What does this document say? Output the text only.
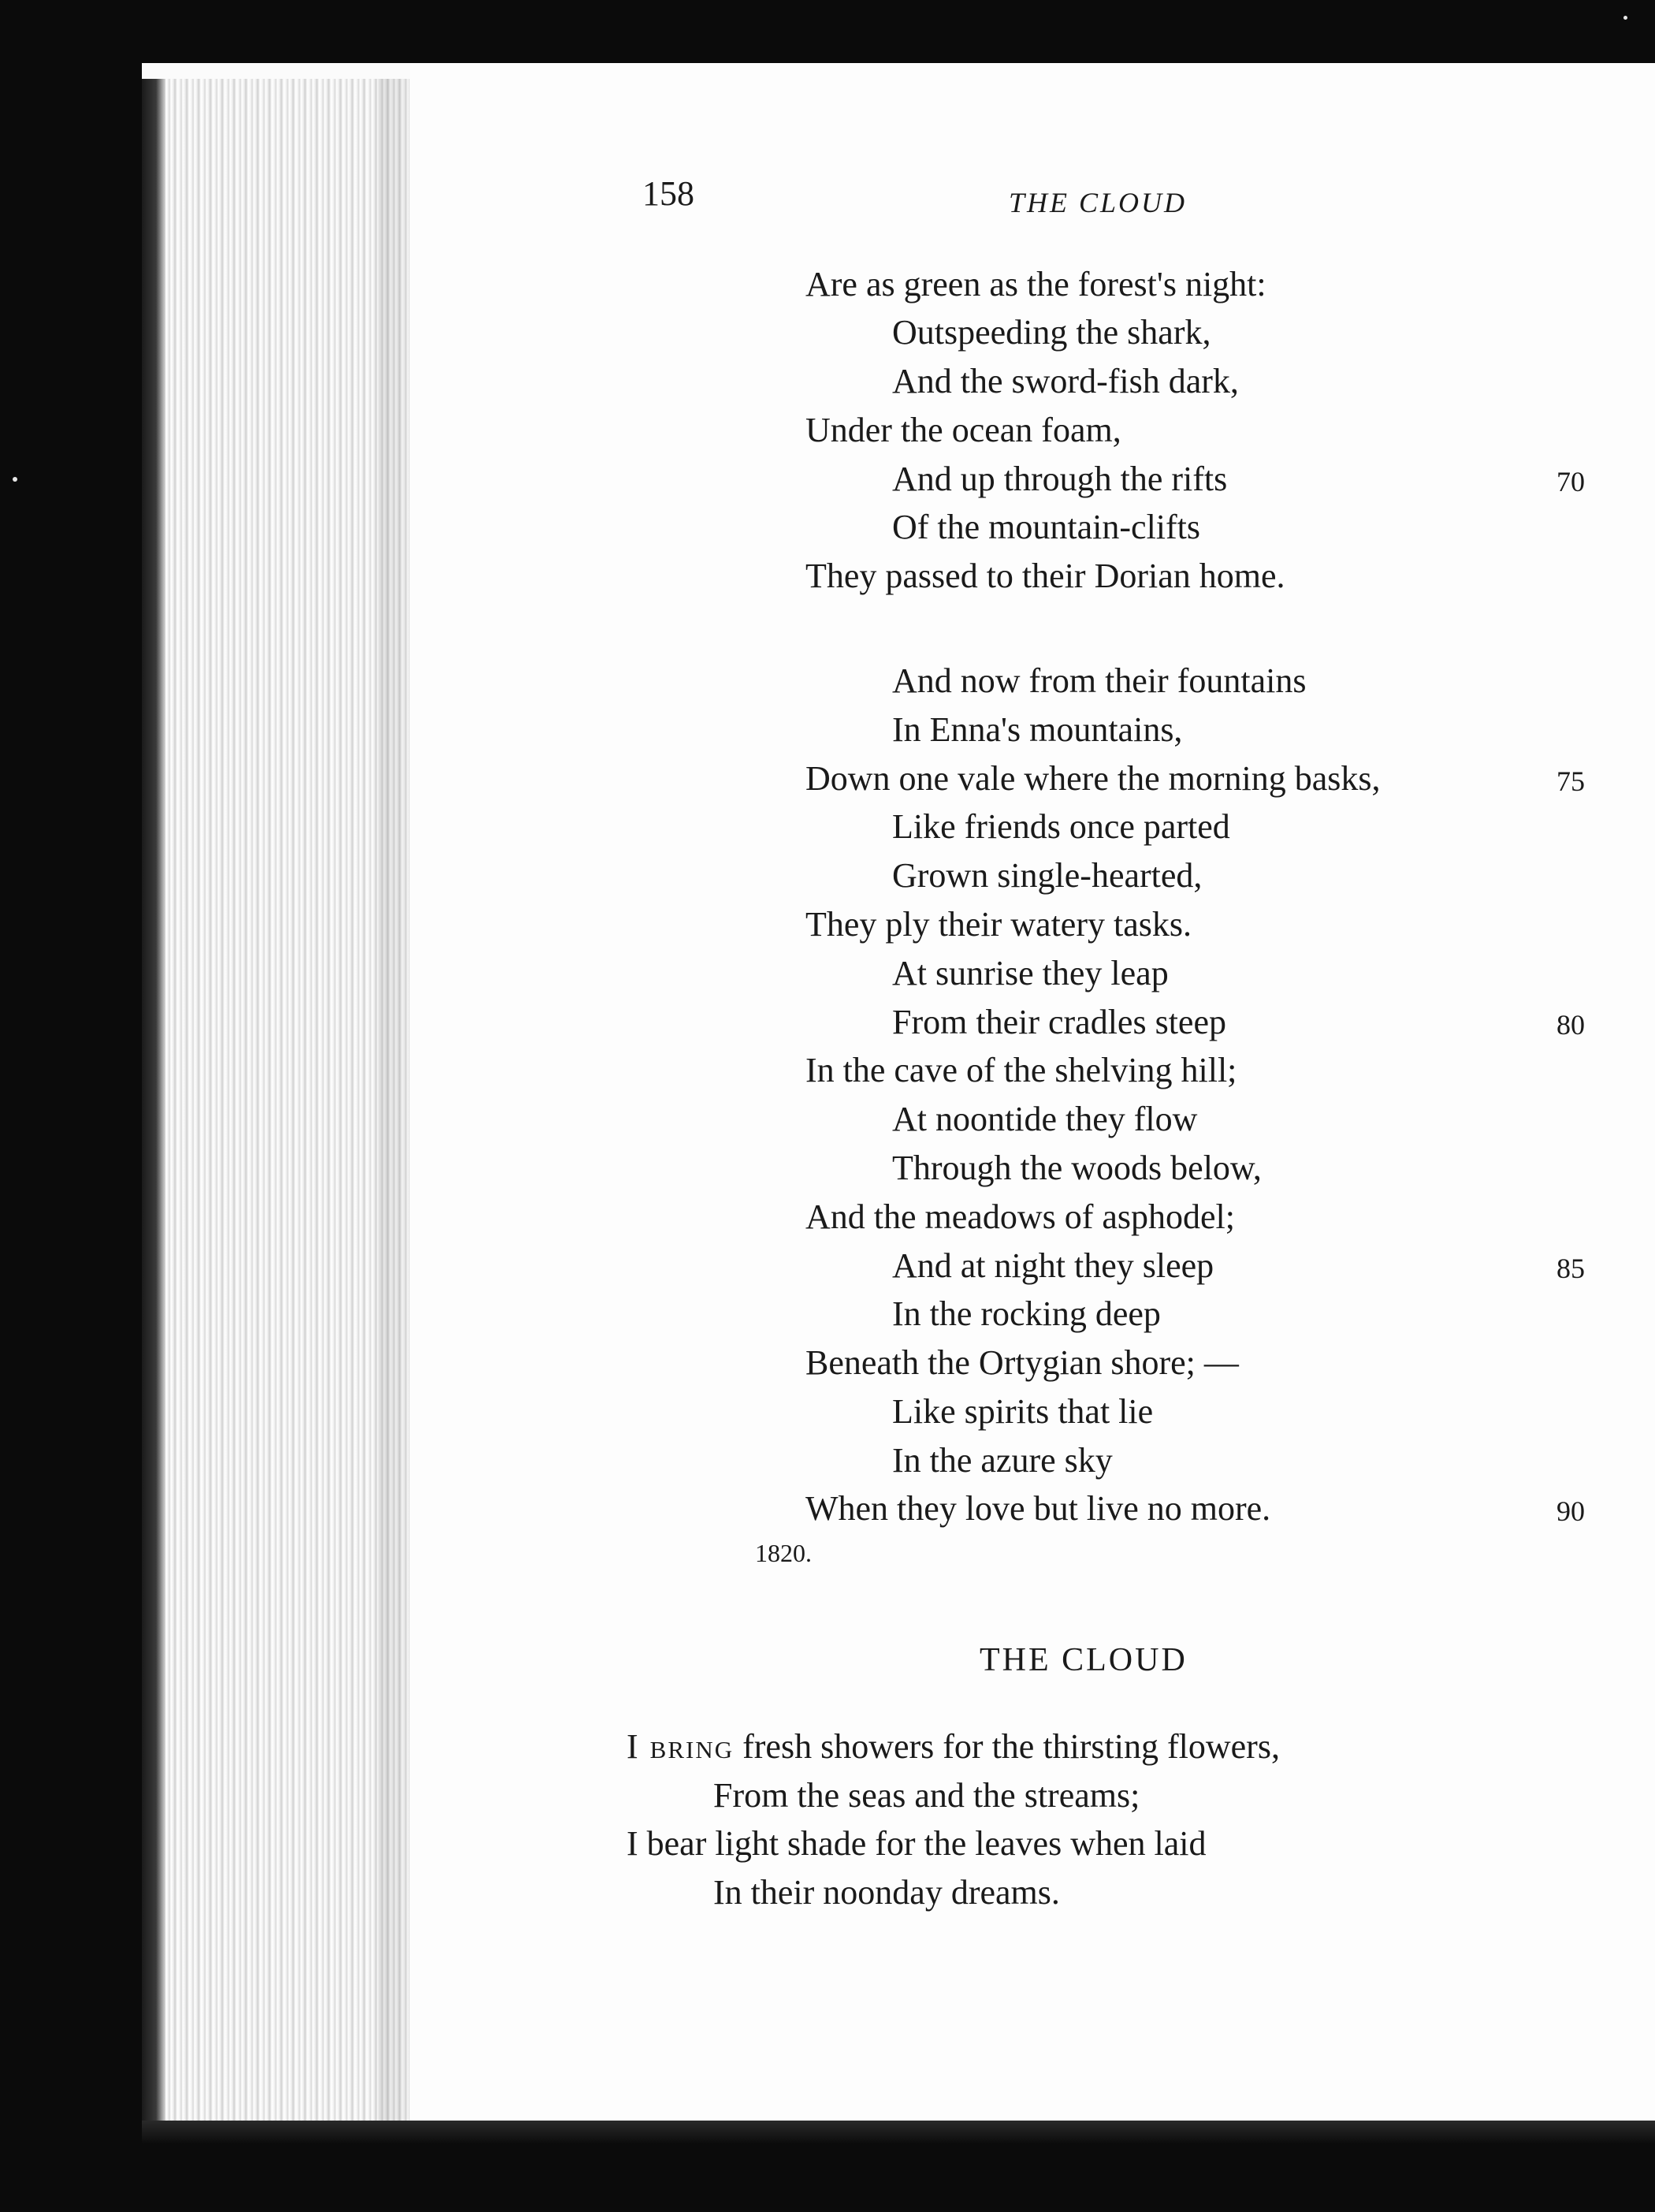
158	THE CLOUD
Are as green as the forest's night:
Outspeeding the shark,
And the sword-fish dark,
Under the ocean foam,
And up through the rifts	70
Of the mountain-clifts
They passed to their Dorian home.
And now from their fountains
In Enna's mountains,
Down one vale where the morning basks,	75
Like friends once parted
Grown single-hearted,
They ply their watery tasks.
At sunrise they leap
From their cradles steep	80
In the cave of the shelving hill;
At noontide they flow
Through the woods below,
And the meadows of asphodel;
And at night they sleep	85
In the rocking deep
Beneath the Ortygian shore; —
Like spirits that lie
In the azure sky
When they love but live no more.	90
1820.
THE CLOUD
I bring fresh showers for the thirsting flowers,
From the seas and the streams;
I bear light shade for the leaves when laid
In their noonday dreams.
